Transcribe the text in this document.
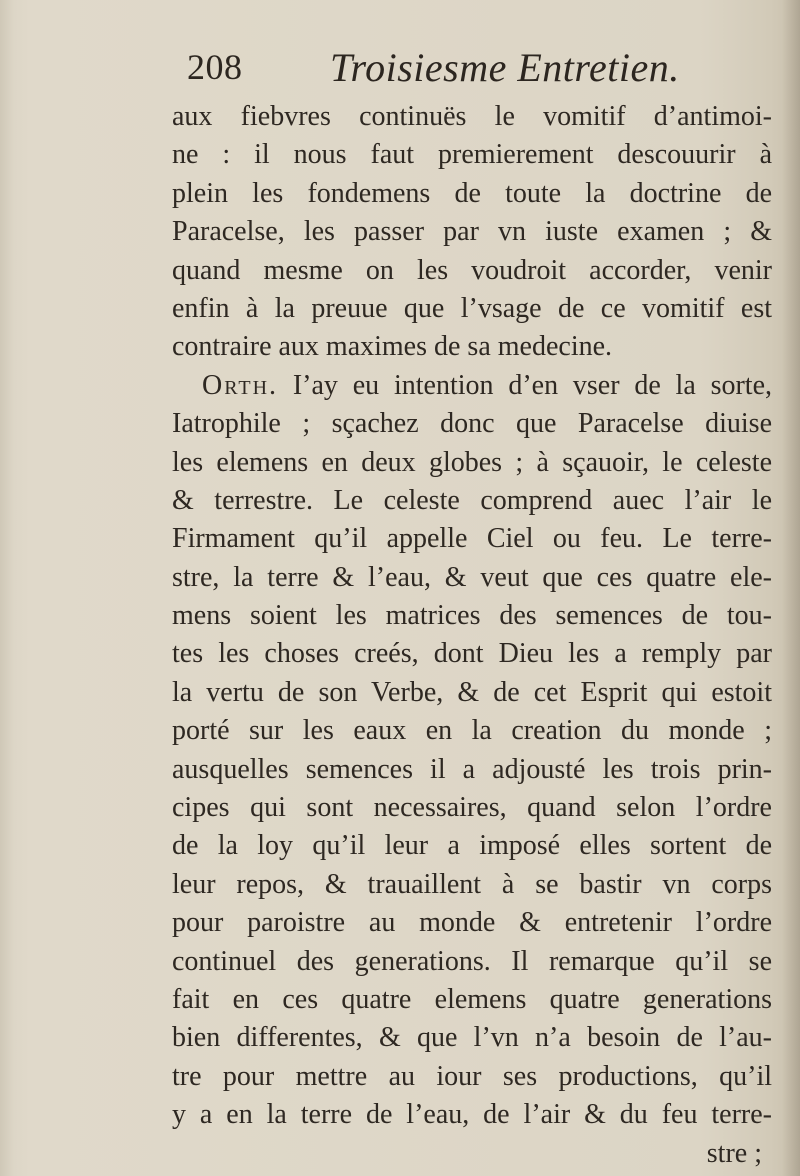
208 Troisiesme Entretien.
aux fiebvres continuës le vomitif d’antimoi-
ne : il nous faut premierement descouurir à
plein les fondemens de toute la doctrine de
Paracelse, les passer par vn iuste examen ; &
quand mesme on les voudroit accorder, venir
enfin à la preuue que l’vsage de ce vomitif est
contraire aux maximes de sa medecine.
Orth. I’ay eu intention d’en vser de la sorte,
Iatrophile ; sçachez donc que Paracelse diuise
les elemens en deux globes ; à sçauoir, le celeste
& terrestre. Le celeste comprend auec l’air le
Firmament qu’il appelle Ciel ou feu. Le terre-
stre, la terre & l’eau, & veut que ces quatre ele-
mens soient les matrices des semences de tou-
tes les choses creés, dont Dieu les a remply par
la vertu de son Verbe, & de cet Esprit qui estoit
porté sur les eaux en la creation du monde ;
ausquelles semences il a adjousté les trois prin-
cipes qui sont necessaires, quand selon l’ordre
de la loy qu’il leur a imposé elles sortent de
leur repos, & trauaillent à se bastir vn corps
pour paroistre au monde & entretenir l’ordre
continuel des generations. Il remarque qu’il se
fait en ces quatre elemens quatre generations
bien differentes, & que l’vn n’a besoin de l’au-
tre pour mettre au iour ses productions, qu’il
y a en la terre de l’eau, de l’air & du feu terre-
stre ;
